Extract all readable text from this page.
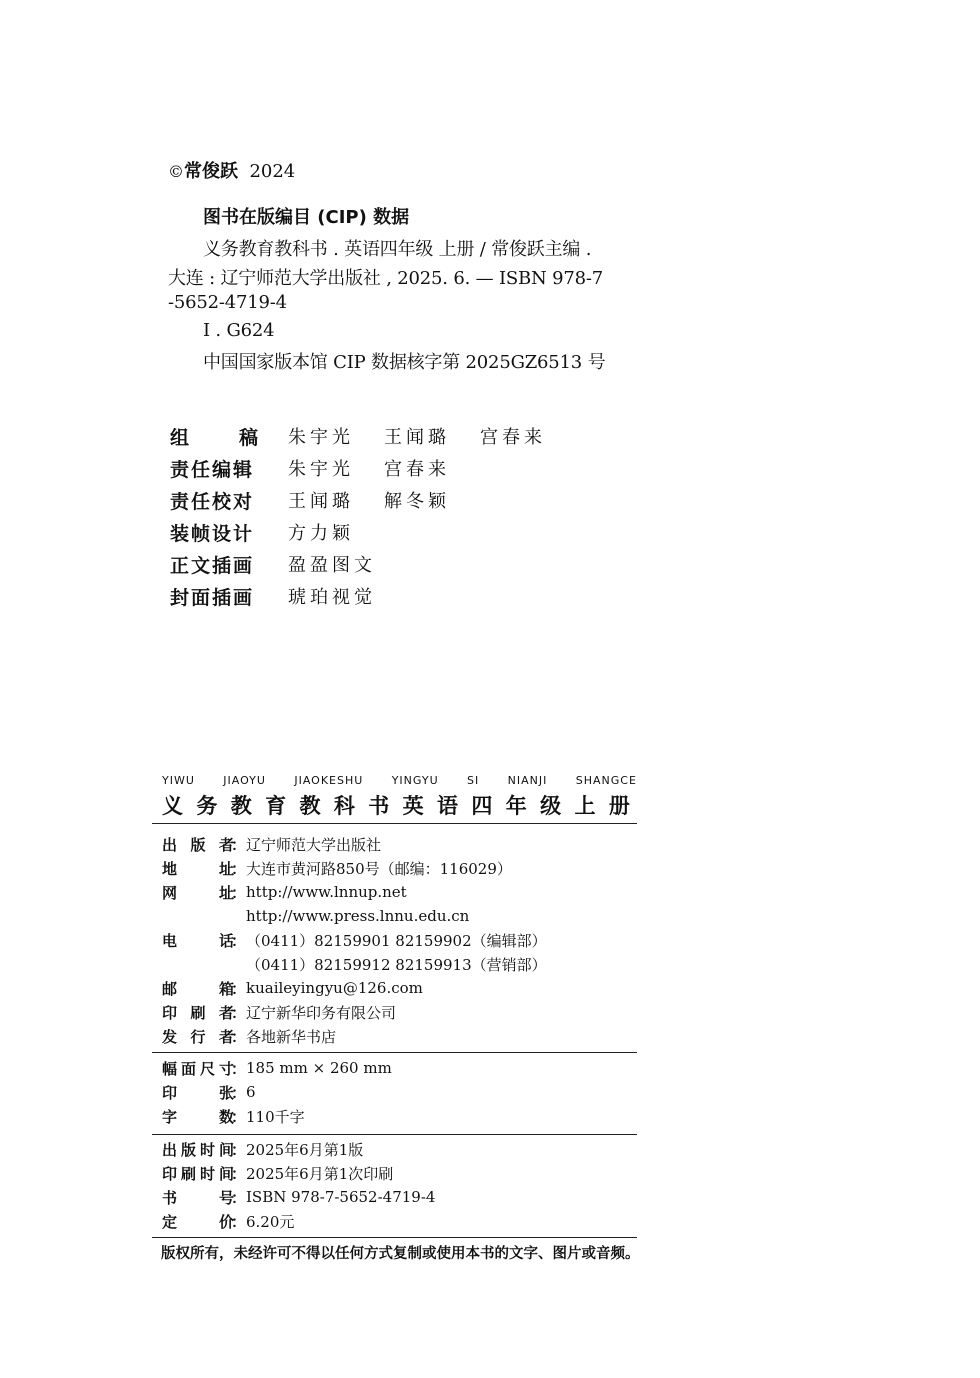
©常俊跃 2024
图书在版编目 (CIP) 数据
义务教育教科书 . 英语四年级 上册 / 常俊跃主编 .
大连 : 辽宁师范大学出版社 , 2025. 6. — ISBN 978-7
-5652-4719-4
Ⅰ . G624
中国国家版本馆 CIP 数据核字第 2025GZ6513 号
组	稿 朱宇光	王闻璐	宫春来
责任编辑	朱宇光	宫春来
责任校对	王闻璐	解冬颖
装帧设计	方力颖
正文插画	盈盈图文
封面插画	琥珀视觉
YIWU	JIAOYU	JIAOKESHU	YINGYU	SI	NIANJI	SHANGCE
义 务 教 育 教 科 书 英 语 四 年 级 上 册
出 版 者
： 辽宁师范大学出版社
地	址
： 大连市黄河路850号（邮编：116029）
网	址
： http://www.lnnup.net
http://www.press.lnnu.edu.cn
电	话
： （0411）82159901 82159902（编辑部）
（0411）82159912 82159913（营销部）
邮	箱
： kuaileyingyu@126.com
印 刷 者
： 辽宁新华印务有限公司
发 行 者
： 各地新华书店
幅 面 尺 寸
： 185 mm × 260 mm
印	张
： 6
字	数
： 110千字
出 版 时 间
： 2025年6月第1版
印 刷 时 间
： 2025年6月第1次印刷
书	号
： ISBN 978-7-5652-4719-4
定	价
： 6.20元
版权所有，未经许可不得以任何方式复制或使用本书的文字、图片或音频。
